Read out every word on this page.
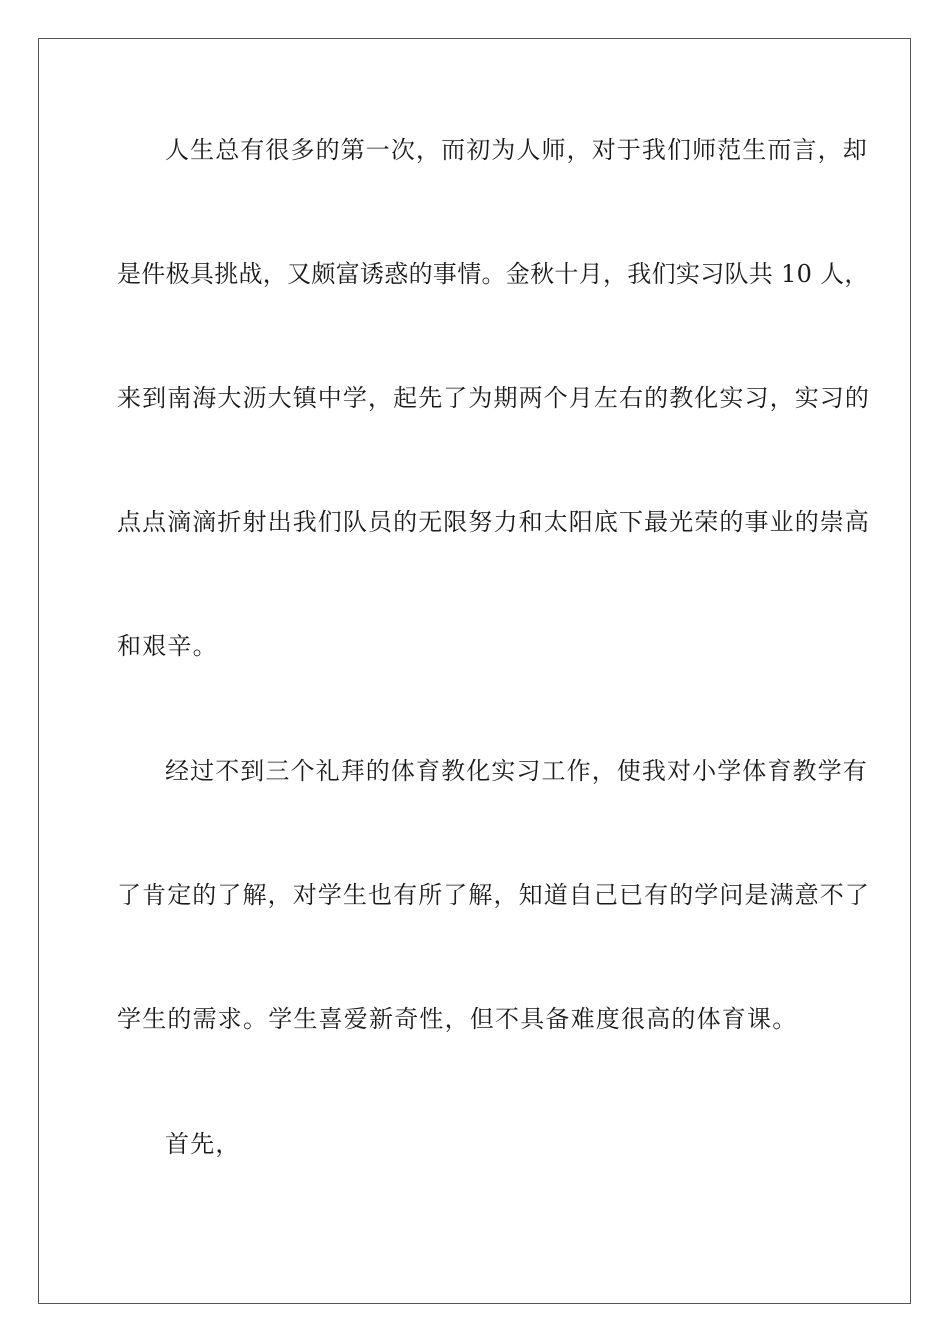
人生总有很多的第一次，而初为人师，对于我们师范生而言，却

是件极具挑战，又颇富诱惑的事情。金秋十月，我们实习队共 10 人，

来到南海大沥大镇中学，起先了为期两个月左右的教化实习，实习的

点点滴滴折射出我们队员的无限努力和太阳底下最光荣的事业的崇高

和艰辛。

经过不到三个礼拜的体育教化实习工作，使我对小学体育教学有

了肯定的了解，对学生也有所了解，知道自己已有的学问是满意不了

学生的需求。学生喜爱新奇性，但不具备难度很高的体育课。

首先，
